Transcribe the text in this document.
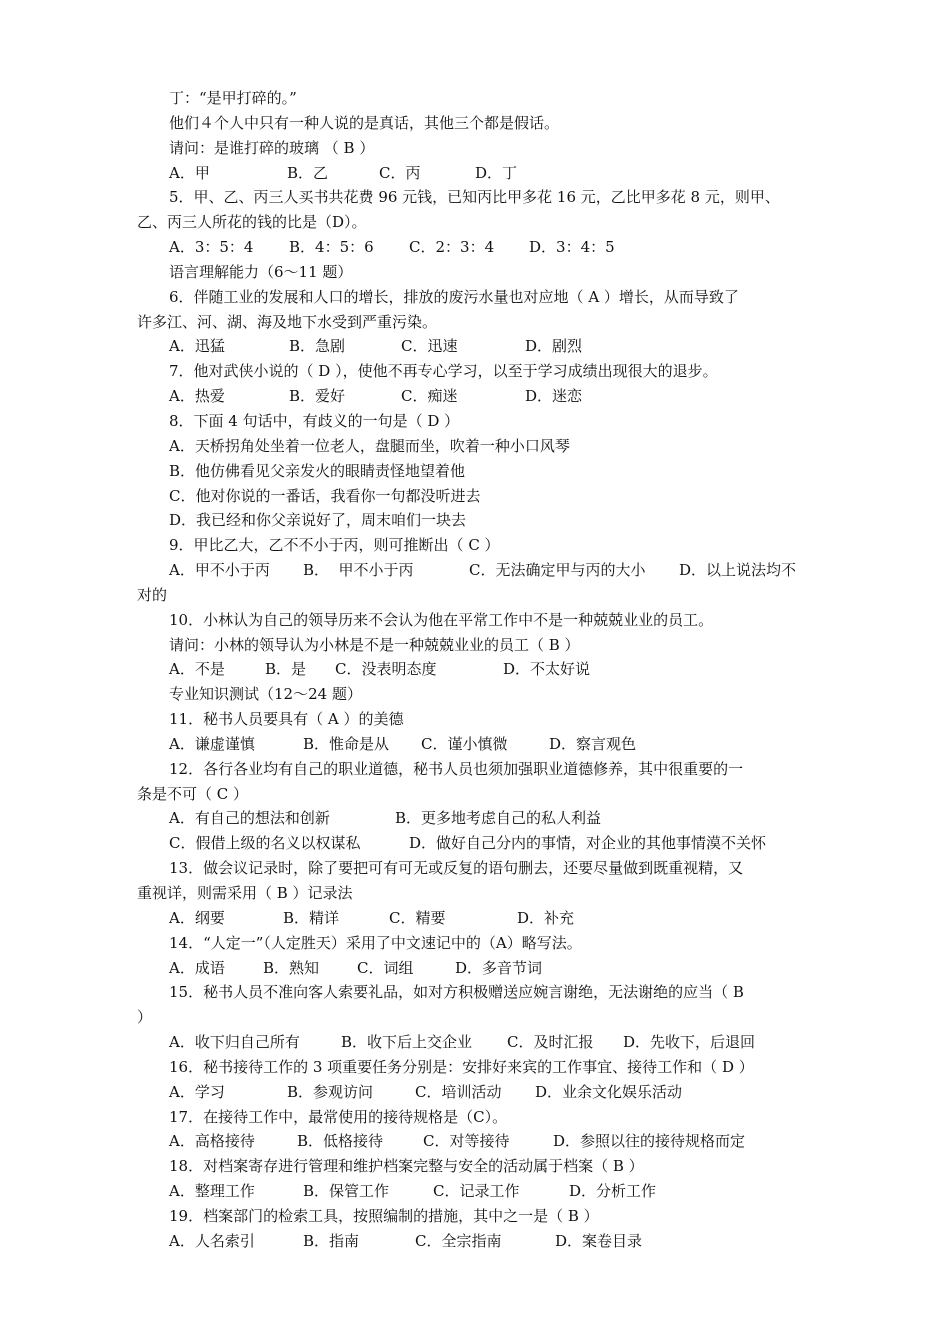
丁：“是甲打碎的。”
他们４个人中只有一种人说的是真话，其他三个都是假话。
请问：是谁打碎的玻璃 （ B ）
A．甲	B．乙	C．丙	D．丁
5．甲、乙、丙三人买书共花费 96 元钱，已知丙比甲多花 16 元，乙比甲多花 8 元，则甲、
乙、丙三人所花的钱的比是（D）。
A．3：5：4 B．4：5：6 C．2：3：4 D．3：4：5
语言理解能力（6～11 题）
6．伴随工业的发展和人口的增长，排放的废污水量也对应地（ A ）增长，从而导致了
许多江、河、湖、海及地下水受到严重污染。
A．迅猛	B．急剧	C．迅速	D．剧烈
7．他对武侠小说的（ D ），使他不再专心学习，以至于学习成绩出现很大的退步。
A．热爱	B．爱好	C．痴迷	D．迷恋
8．下面 4 句话中，有歧义的一句是（ D ）
A．天桥拐角处坐着一位老人，盘腿而坐，吹着一种小口风琴
B．他仿佛看见父亲发火的眼睛责怪地望着他
C．他对你说的一番话，我看你一句都没听进去
D．我已经和你父亲说好了，周末咱们一块去
9．甲比乙大，乙不不小于丙，则可推断出（ C ）
A．甲不小于丙 B．  甲不小于丙	C．无法确定甲与丙的大小 D．以上说法均不
对的
10．小林认为自己的领导历来不会认为他在平常工作中不是一种兢兢业业的员工。
请问：小林的领导认为小林是不是一种兢兢业业的员工（ B ）
A．不是	B．是 C．没表明态度	D．不太好说
专业知识测试（12～24 题）
11．秘书人员要具有（ A ）的美德
A．谦虚谨慎	B．惟命是从 C．谨小慎微	D．察言观色
12．各行各业均有自己的职业道德，秘书人员也须加强职业道德修养，其中很重要的一
条是不可（ C ）
A．有自己的想法和创新	B．更多地考虑自己的私人利益
C．假借上级的名义以权谋私	D．做好自己分内的事情，对企业的其他事情漠不关怀
13．做会议记录时，除了要把可有可无或反复的语句删去，还要尽量做到既重视精，又
重视详，则需采用（ B ）记录法
A．纲要	B．精详	C．精要	D．补充
14．“人定一”（人定胜天）采用了中文速记中的（A）略写法。
A．成语	B．熟知	C．词组	D．多音节词
15．秘书人员不准向客人索要礼品，如对方积极赠送应婉言谢绝，无法谢绝的应当（ B
）
A．收下归自己所有	B．收下后上交企业 C．及时汇报 D．先收下，后退回
16．秘书接待工作的 3 项重要任务分别是：安排好来宾的工作事宜、接待工作和（ D ）
A．学习	B．参观访问	C．培训活动 D．业余文化娱乐活动
17．在接待工作中，最常使用的接待规格是（C）。
A．高格接待	B．低格接待	C．对等接待	D．参照以往的接待规格而定
18．对档案寄存进行管理和维护档案完整与安全的活动属于档案（ B ）
A．整理工作	B．保管工作	C．记录工作	D．分析工作
19．档案部门的检索工具，按照编制的措施，其中之一是（ B ）
A．人名索引	B．指南	C．全宗指南	D．案卷目录
